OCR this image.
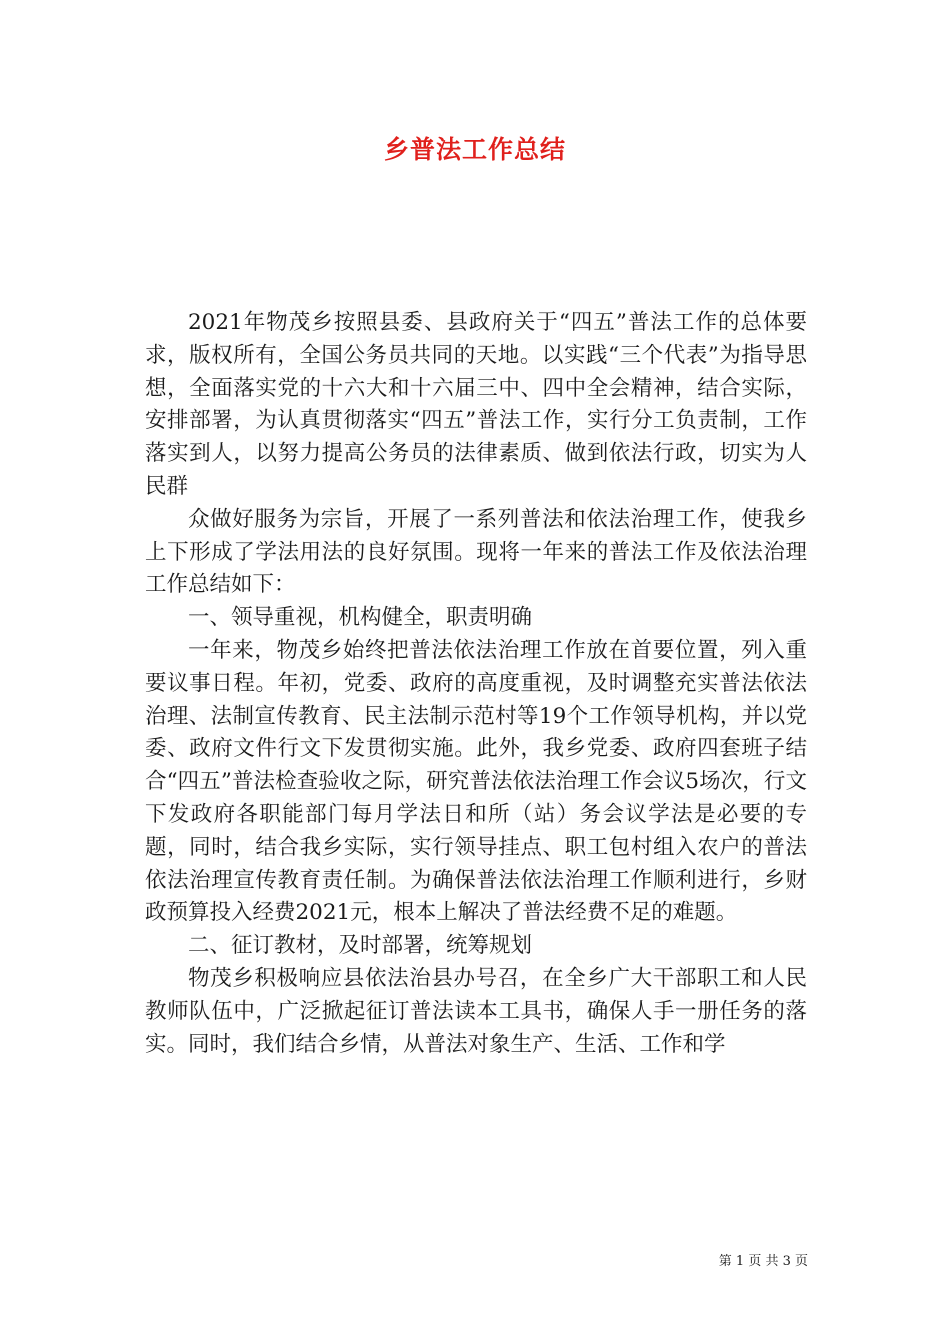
乡普法工作总结

2021年物茂乡按照县委、县政府关于“四五”普法工作的总体要求，版权所有，全国公务员共同的天地。以实践“三个代表”为指导思想，全面落实党的十六大和十六届三中、四中全会精神，结合实际，安排部署，为认真贯彻落实“四五”普法工作，实行分工负责制，工作落实到人，以努力提高公务员的法律素质、做到依法行政，切实为人民群

众做好服务为宗旨，开展了一系列普法和依法治理工作，使我乡上下形成了学法用法的良好氛围。现将一年来的普法工作及依法治理工作总结如下：

一、领导重视，机构健全，职责明确

一年来，物茂乡始终把普法依法治理工作放在首要位置，列入重要议事日程。年初，党委、政府的高度重视，及时调整充实普法依法治理、法制宣传教育、民主法制示范村等19个工作领导机构，并以党委、政府文件行文下发贯彻实施。此外，我乡党委、政府四套班子结合“四五”普法检查验收之际，研究普法依法治理工作会议5场次，行文下发政府各职能部门每月学法日和所（站）务会议学法是必要的专题，同时，结合我乡实际，实行领导挂点、职工包村组入农户的普法依法治理宣传教育责任制。为确保普法依法治理工作顺利进行，乡财政预算投入经费2021元，根本上解决了普法经费不足的难题。

二、征订教材，及时部署，统筹规划

物茂乡积极响应县依法治县办号召，在全乡广大干部职工和人民教师队伍中，广泛掀起征订普法读本工具书，确保人手一册任务的落实。同时，我们结合乡情，从普法对象生产、生活、工作和学

第 1 页 共 3 页
